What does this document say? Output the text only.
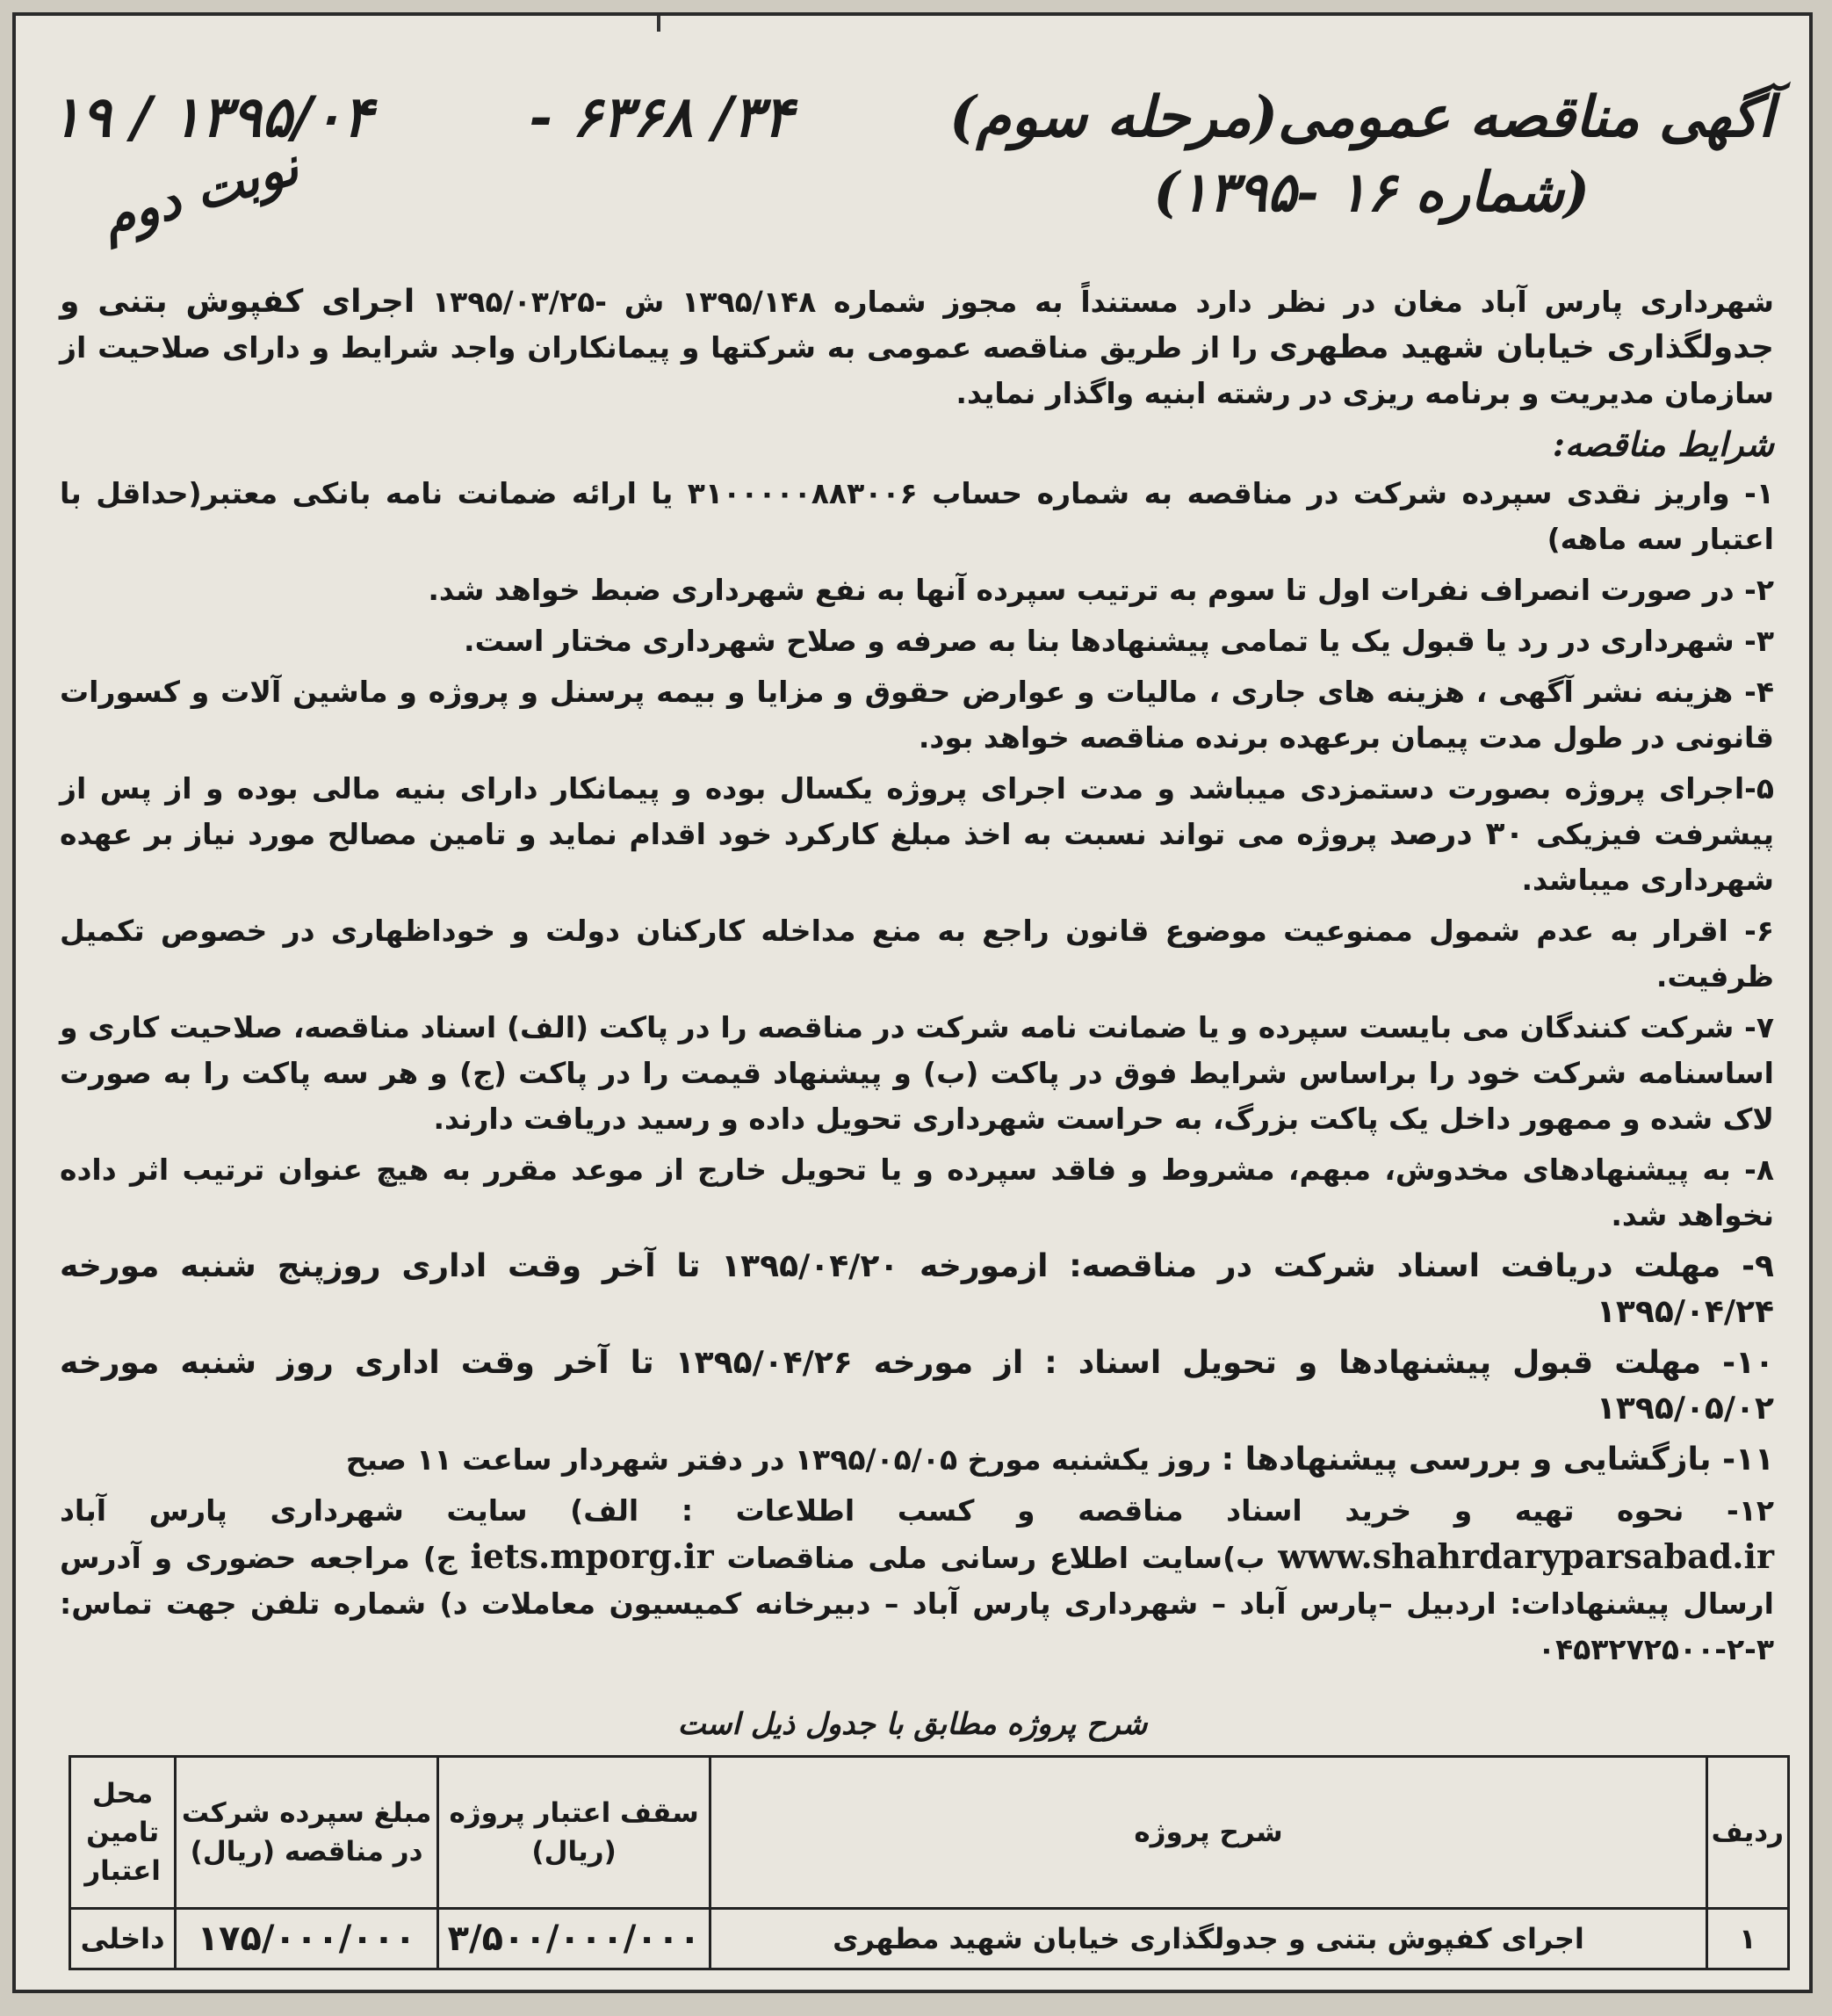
آگهی مناقصه عمومی(مرحله سوم)
۳۴/ ۶۳۶۸ -
۱۳۹۵/۰۴ / ۱۹
(شماره ۱۶ -۱۳۹۵)
نوبت دوم

شهرداری پارس آباد مغان در نظر دارد مستنداً به مجوز شماره ۱۳۹۵/۱۴۸ ش -۱۳۹۵/۰۳/۲۵ اجرای کفپوش بتنی و جدولگذاری خیابان شهید مطهری را از طریق مناقصه عمومی به شرکتها و پیمانکاران واجد شرایط و دارای صلاحیت از سازمان مدیریت و برنامه ریزی در رشته ابنیه واگذار نماید.

شرایط مناقصه:

۱- واریز نقدی سپرده شرکت در مناقصه به شماره حساب ۳۱۰۰۰۰۰۸۸۳۰۰۶ یا ارائه ضمانت نامه بانکی معتبر(حداقل با اعتبار سه ماهه)

۲- در صورت انصراف نفرات اول تا سوم به ترتیب سپرده آنها به نفع شهرداری ضبط خواهد شد.

۳- شهرداری در رد یا قبول یک یا تمامی پیشنهادها بنا به صرفه و صلاح شهرداری مختار است.

۴- هزینه نشر آگهی ، هزینه های جاری ، مالیات و عوارض حقوق و مزایا و بیمه پرسنل و پروژه و ماشین آلات و کسورات قانونی در طول مدت پیمان برعهده برنده مناقصه خواهد بود.

۵-اجرای پروژه بصورت دستمزدی میباشد و مدت اجرای پروژه یکسال بوده و پیمانکار دارای بنیه مالی بوده و از پس از پیشرفت فیزیکی ۳۰ درصد پروژه می تواند نسبت به اخذ مبلغ کارکرد خود اقدام نماید و تامین مصالح مورد نیاز بر عهده شهرداری میباشد.

۶- اقرار به عدم شمول ممنوعیت موضوع قانون راجع به منع مداخله کارکنان دولت و خوداظهاری در خصوص تکمیل ظرفیت.

۷- شرکت کنندگان می بایست سپرده و یا ضمانت نامه شرکت در مناقصه را در پاکت (الف) اسناد مناقصه، صلاحیت کاری و اساسنامه شرکت خود را براساس شرایط فوق در پاکت (ب) و پیشنهاد قیمت را در پاکت (ج) و هر سه پاکت را به صورت لاک شده و ممهور داخل یک پاکت بزرگ، به حراست شهرداری تحویل داده و رسید دریافت دارند.

۸- به پیشنهادهای مخدوش، مبهم، مشروط و فاقد سپرده و یا تحویل خارج از موعد مقرر به هیچ عنوان ترتیب اثر داده نخواهد شد.

۹- مهلت دریافت اسناد شرکت در مناقصه: ازمورخه ۱۳۹۵/۰۴/۲۰ تا آخر وقت اداری روزپنج شنبه مورخه ۱۳۹۵/۰۴/۲۴

۱۰- مهلت قبول پیشنهادها و تحویل اسناد : از مورخه ۱۳۹۵/۰۴/۲۶ تا آخر وقت اداری روز شنبه مورخه ۱۳۹۵/۰۵/۰۲

۱۱- بازگشایی و بررسی پیشنهادها : روز یکشنبه مورخ ۱۳۹۵/۰۵/۰۵ در دفتر شهردار ساعت ۱۱ صبح

۱۲- نحوه تهیه و خرید اسناد مناقصه و کسب اطلاعات : الف) سایت شهرداری پارس آباد www.shahrdaryparsabad.ir ب)سایت اطلاع رسانی ملی مناقصات iets.mporg.ir ج) مراجعه حضوری و آدرس ارسال پیشنهادات: اردبیل –پارس آباد – شهرداری پارس آباد – دبیرخانه کمیسیون معاملات د) شماره تلفن جهت تماس: ۳-۲-۰۴۵۳۲۷۲۵۰۰

شرح پروژه مطابق با جدول ذیل است
ردیف	شرح پروژه	سقف اعتبار پروژه (ریال)	مبلغ سپرده شرکت در مناقصه (ریال)	محل تامین اعتبار
۱	اجرای کفپوش بتنی و جدولگذاری خیابان شهید مطهری	۳/۵۰۰/۰۰۰/۰۰۰	۱۷۵/۰۰۰/۰۰۰	داخلی
